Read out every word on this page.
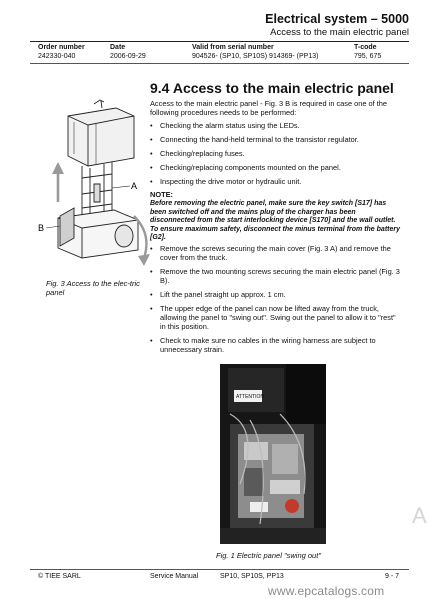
Electrical system – 5000
Access to the main electric panel
Order number	Date	Valid from serial number	T-code
242330-040	2006-09-29	904526- (SP10, SP10S) 914369- (PP13)	795, 675
A
B
Fig. 3 Access to the elec-tric panel
9.4 Access to the main electric panel
Access to the main electric panel - Fig. 3 B is required in case one of the following procedures needs to be performed:
•	Checking the alarm status using the LEDs.
•	Connecting the hand-held terminal to the transistor regulator.
•	Checking/replacing fuses.
•	Checking/replacing components mounted on the panel.
•	Inspecting the drive motor or hydraulic unit.
NOTE:
Before removing the electric panel, make sure the key switch [S17] has been switched off and the mains plug of the charger has been disconnected from the start interlocking device [S170] and the wall outlet. To ensure maximum safety, disconnect the minus terminal from the battery [G2].
•	Remove the screws securing the main cover (Fig. 3 A) and remove the cover from the truck.
•	Remove the two mounting screws securing the main electric panel (Fig. 3 B).
•	Lift the panel straight up approx. 1 cm.
•	The upper edge of the panel can now be lifted away from the truck, allowing the panel to "swing out". Swing out the panel to allow it to "rest" in this position.
•	Check to make sure no cables in the wiring harness are subject to unnecessary strain.
ATTENTION
Fig. 1 Electric panel "swing out"
© TIEE SARL	Service Manual	SP10, SP10S, PP13	9 - 7
www.epcatalogs.com
A
